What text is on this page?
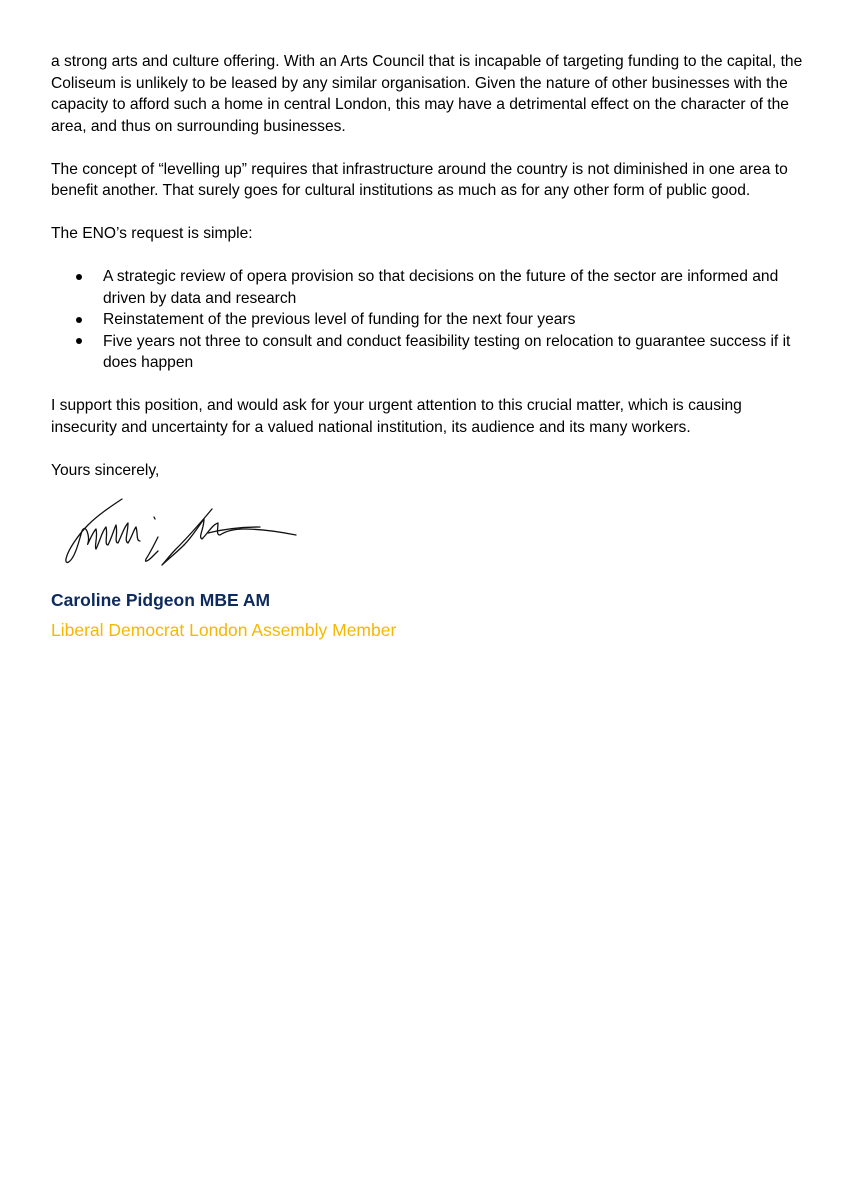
a strong arts and culture offering. With an Arts Council that is incapable of targeting funding to the capital, the
Coliseum is unlikely to be leased by any similar organisation. Given the nature of other businesses with the
capacity to afford such a home in central London, this may have a detrimental effect on the character of the
area, and thus on surrounding businesses.

The concept of “levelling up” requires that infrastructure around the country is not diminished in one area to
benefit another. That surely goes for cultural institutions as much as for any other form of public good.

The ENO’s request is simple:

A strategic review of opera provision so that decisions on the future of the sector are informed and
driven by data and research
Reinstatement of the previous level of funding for the next four years
Five years not three to consult and conduct feasibility testing on relocation to guarantee success if it
does happen

I support this position, and would ask for your urgent attention to this crucial matter, which is causing
insecurity and uncertainty for a valued national institution, its audience and its many workers.

Yours sincerely,

Caroline Pidgeon MBE AM
Liberal Democrat London Assembly Member
